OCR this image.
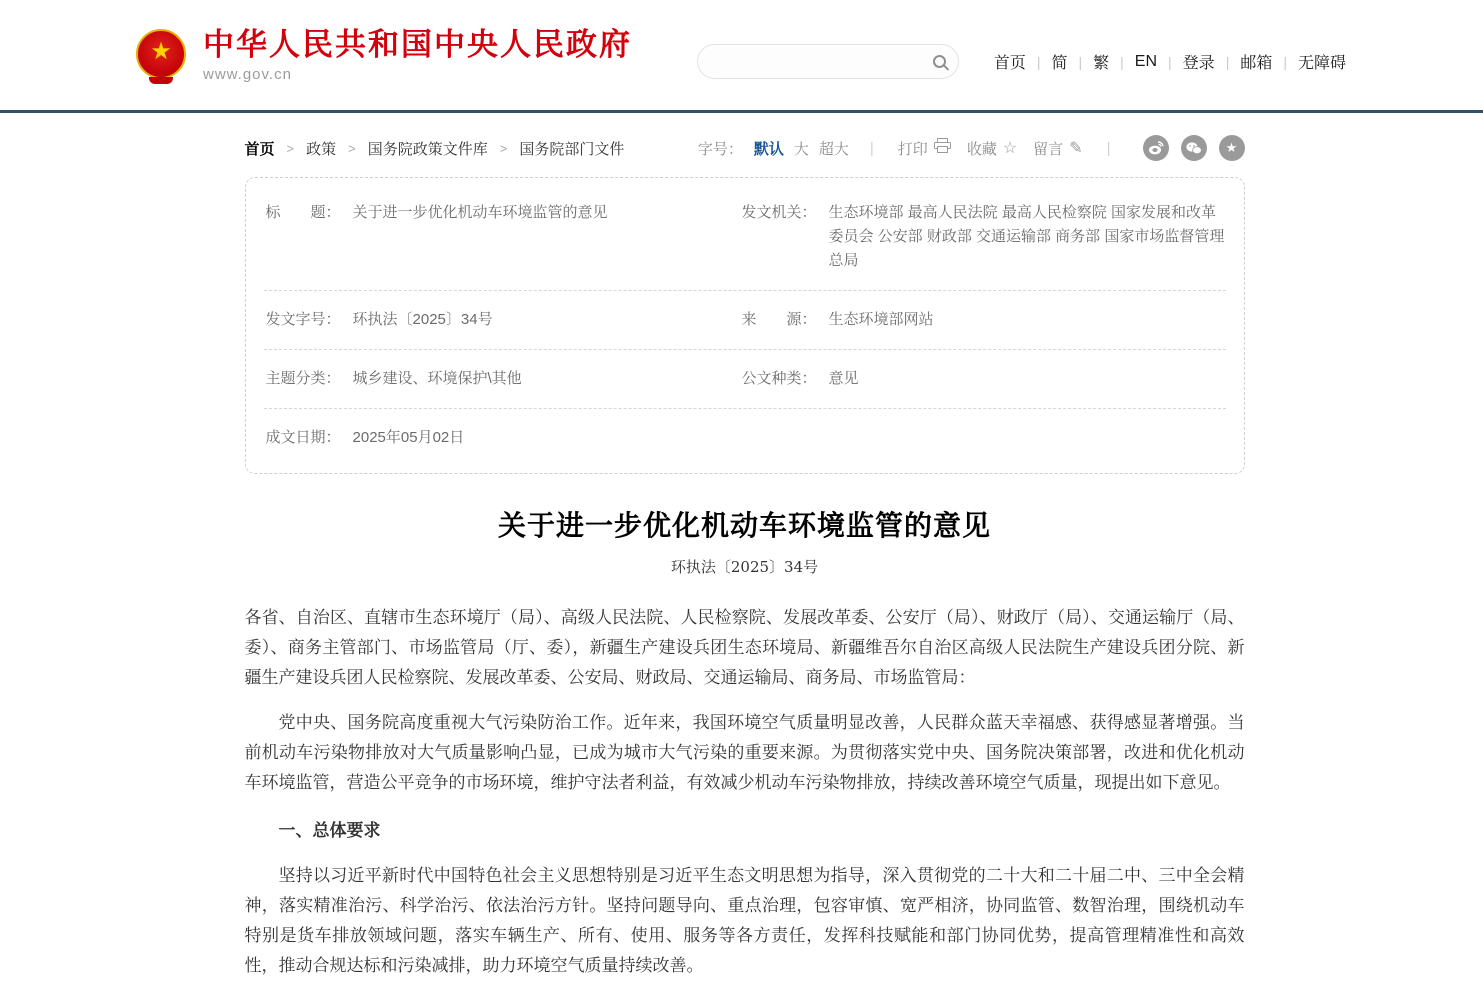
★ 中华人民共和国中央人民政府
www.gov.cn
首页 | 简 | 繁 | EN | 登录 | 邮箱 | 无障碍
首页 > 政策 > 国务院政策文件库 > 国务院部门文件	字号： 默认 大 超大 | 打印	收藏 ☆ 留言 ✎ |	★
标　　题： 关于进一步优化机动车环境监管的意见	发文机关： 生态环境部 最高人民法院 最高人民检察院 国家发展和改革委员会 公安部 财政部 交通运输部 商务部 国家市场监督管理总局
发文字号： 环执法〔2025〕34号	来　　源： 生态环境部网站
主题分类： 城乡建设、环境保护\其他	公文种类： 意见
成文日期： 2025年05月02日
关于进一步优化机动车环境监管的意见
环执法〔2025〕34号

各省、自治区、直辖市生态环境厅（局）、高级人民法院、人民检察院、发展改革委、公安厅（局）、财政厅（局）、交通运输厅（局、委）、商务主管部门、市场监管局（厅、委），新疆生产建设兵团生态环境局、新疆维吾尔自治区高级人民法院生产建设兵团分院、新疆生产建设兵团人民检察院、发展改革委、公安局、财政局、交通运输局、商务局、市场监管局：

党中央、国务院高度重视大气污染防治工作。近年来，我国环境空气质量明显改善，人民群众蓝天幸福感、获得感显著增强。当前机动车污染物排放对大气质量影响凸显，已成为城市大气污染的重要来源。为贯彻落实党中央、国务院决策部署，改进和优化机动车环境监管，营造公平竞争的市场环境，维护守法者利益，有效减少机动车污染物排放，持续改善环境空气质量，现提出如下意见。

一、总体要求

坚持以习近平新时代中国特色社会主义思想特别是习近平生态文明思想为指导，深入贯彻党的二十大和二十届二中、三中全会精神，落实精准治污、科学治污、依法治污方针。坚持问题导向、重点治理，包容审慎、宽严相济，协同监管、数智治理，围绕机动车特别是货车排放领域问题，落实车辆生产、所有、使用、服务等各方责任，发挥科技赋能和部门协同优势，提高管理精准性和高效性，推动合规达标和污染减排，助力环境空气质量持续改善。
